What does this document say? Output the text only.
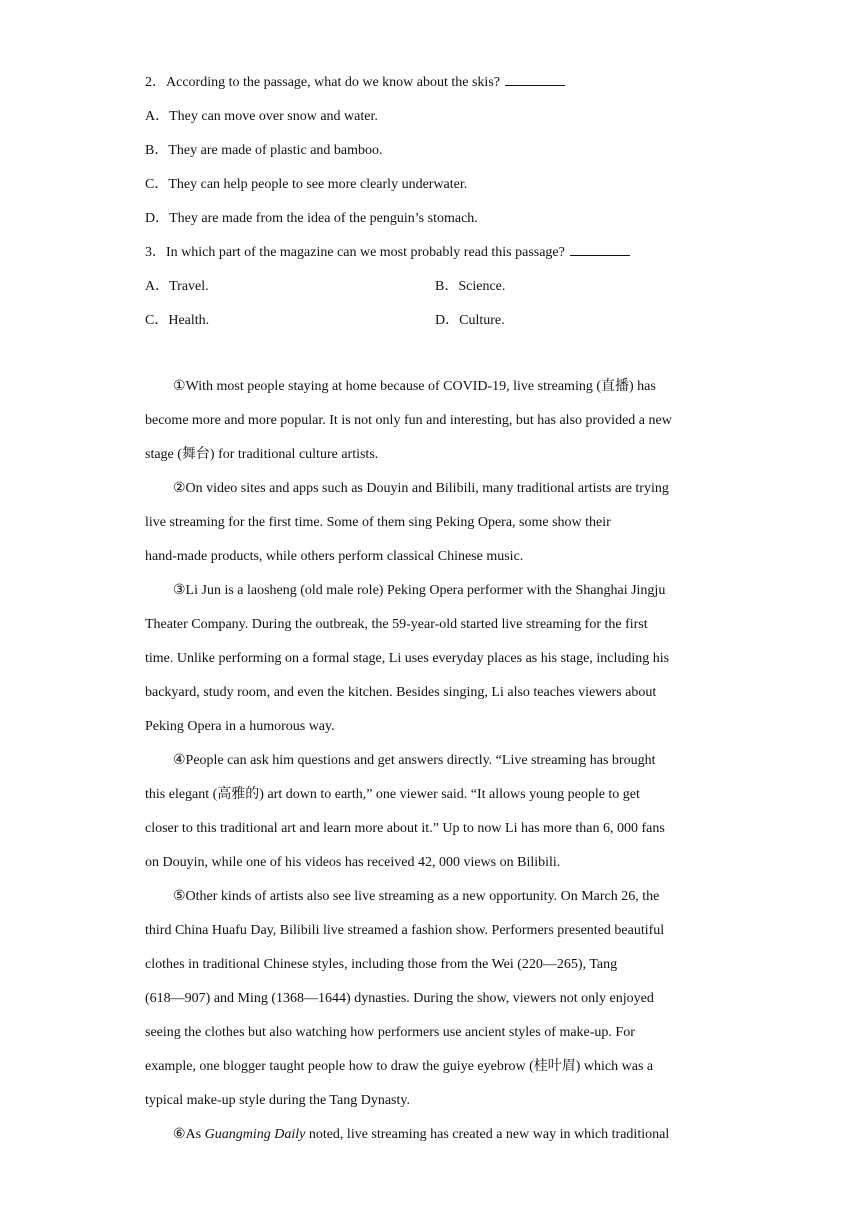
2．According to the passage, what do we know about the skis?

A．They can move over snow and water.

B．They are made of plastic and bamboo.

C．They can help people to see more clearly underwater.

D．They are made from the idea of the penguin’s stomach.

3．In which part of the magazine can we most probably read this passage?

A．Travel.	B．Science.
C．Health.	D．Culture.

①With most people staying at home because of COVID-19, live streaming (直播) has

become more and more popular. It is not only fun and interesting, but has also provided a new

stage (舞台) for traditional culture artists.

②On video sites and apps such as Douyin and Bilibili, many traditional artists are trying

live streaming for the first time. Some of them sing Peking Opera, some show their

hand-made products, while others perform classical Chinese music.

③Li Jun is a laosheng (old male role) Peking Opera performer with the Shanghai Jingju

Theater Company. During the outbreak, the 59-year-old started live streaming for the first

time. Unlike performing on a formal stage, Li uses everyday places as his stage, including his

backyard, study room, and even the kitchen. Besides singing, Li also teaches viewers about

Peking Opera in a humorous way.

④People can ask him questions and get answers directly. “Live streaming has brought

this elegant (高雅的) art down to earth,” one viewer said. “It allows young people to get

closer to this traditional art and learn more about it.” Up to now Li has more than 6, 000 fans

on Douyin, while one of his videos has received 42, 000 views on Bilibili.

⑤Other kinds of artists also see live streaming as a new opportunity. On March 26, the

third China Huafu Day, Bilibili live streamed a fashion show. Performers presented beautiful

clothes in traditional Chinese styles, including those from the Wei (220—265), Tang

(618—907) and Ming (1368—1644) dynasties. During the show, viewers not only enjoyed

seeing the clothes but also watching how performers use ancient styles of make-up. For

example, one blogger taught people how to draw the guiye eyebrow (桂叶眉) which was a

typical make-up style during the Tang Dynasty.

⑥As Guangming Daily noted, live streaming has created a new way in which traditional
